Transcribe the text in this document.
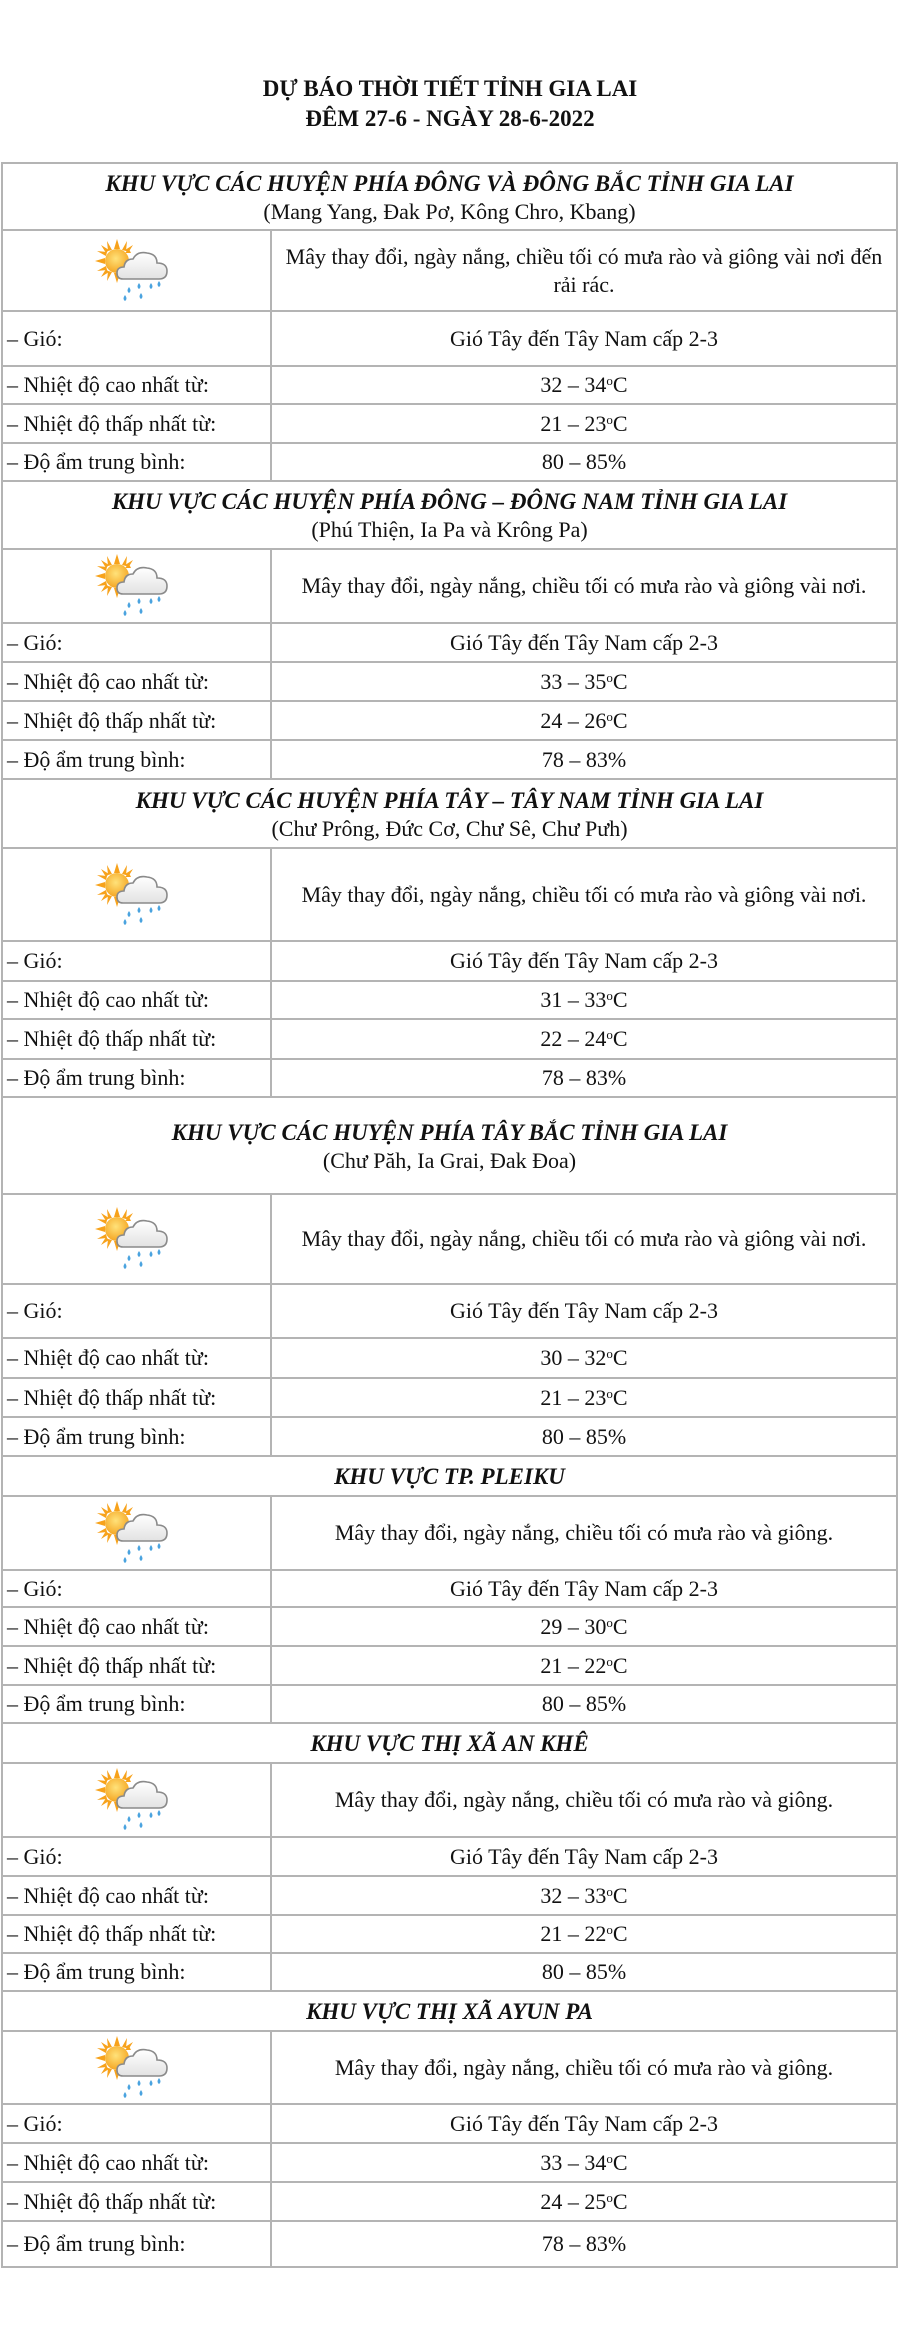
DỰ BÁO THỜI TIẾT TỈNH GIA LAI
ĐÊM 27-6 - NGÀY 28-6-2022
KHU VỰC CÁC HUYỆN PHÍA ĐÔNG VÀ ĐÔNG BẮC TỈNH GIA LAI
(Mang Yang, Đak Pơ, Kông Chro, Kbang)	

	Mây thay đổi, ngày nắng, chiều tối có mưa rào và giông vài nơi đến rải rác.
– Gió:	Gió Tây đến Tây Nam cấp 2-3
– Nhiệt độ cao nhất từ:	32 – 34$^o$C
– Nhiệt độ thấp nhất từ:	21 – 23$^o$C
– Độ ẩm trung bình:	80 – 85%

KHU VỰC CÁC HUYỆN PHÍA ĐÔNG – ĐÔNG NAM TỈNH GIA LAI
(Phú Thiện, Ia Pa và Krông Pa)	

	Mây thay đổi, ngày nắng, chiều tối có mưa rào và giông vài nơi.
– Gió:	Gió Tây đến Tây Nam cấp 2-3
– Nhiệt độ cao nhất từ:	33 – 35$^o$C
– Nhiệt độ thấp nhất từ:	24 – 26$^o$C
– Độ ẩm trung bình:	78 – 83%

KHU VỰC CÁC HUYỆN PHÍA TÂY – TÂY NAM TỈNH GIA LAI
(Chư Prông, Đức Cơ, Chư Sê, Chư Pưh)	

	Mây thay đổi, ngày nắng, chiều tối có mưa rào và giông vài nơi.
– Gió:	Gió Tây đến Tây Nam cấp 2-3
– Nhiệt độ cao nhất từ:	31 – 33$^o$C
– Nhiệt độ thấp nhất từ:	22 – 24$^o$C
– Độ ẩm trung bình:	78 – 83%

KHU VỰC CÁC HUYỆN PHÍA TÂY BẮC TỈNH GIA LAI
(Chư Păh, Ia Grai, Đak Đoa)	

	Mây thay đổi, ngày nắng, chiều tối có mưa rào và giông vài nơi.
– Gió:	Gió Tây đến Tây Nam cấp 2-3
– Nhiệt độ cao nhất từ:	30 – 32$^o$C
– Nhiệt độ thấp nhất từ:	21 – 23$^o$C
– Độ ẩm trung bình:	80 – 85%

KHU VỰC TP. PLEIKU	

	Mây thay đổi, ngày nắng, chiều tối có mưa rào và giông.
– Gió:	Gió Tây đến Tây Nam cấp 2-3
– Nhiệt độ cao nhất từ:	29 – 30$^o$C
– Nhiệt độ thấp nhất từ:	21 – 22$^o$C
– Độ ẩm trung bình:	80 – 85%

KHU VỰC THỊ XÃ AN KHÊ	

	Mây thay đổi, ngày nắng, chiều tối có mưa rào và giông.
– Gió:	Gió Tây đến Tây Nam cấp 2-3
– Nhiệt độ cao nhất từ:	32 – 33$^o$C
– Nhiệt độ thấp nhất từ:	21 – 22$^o$C
– Độ ẩm trung bình:	80 – 85%

KHU VỰC THỊ XÃ AYUN PA	

	Mây thay đổi, ngày nắng, chiều tối có mưa rào và giông.
– Gió:	Gió Tây đến Tây Nam cấp 2-3
– Nhiệt độ cao nhất từ:	33 – 34$^o$C
– Nhiệt độ thấp nhất từ:	24 – 25$^o$C
– Độ ẩm trung bình:	78 – 83%
